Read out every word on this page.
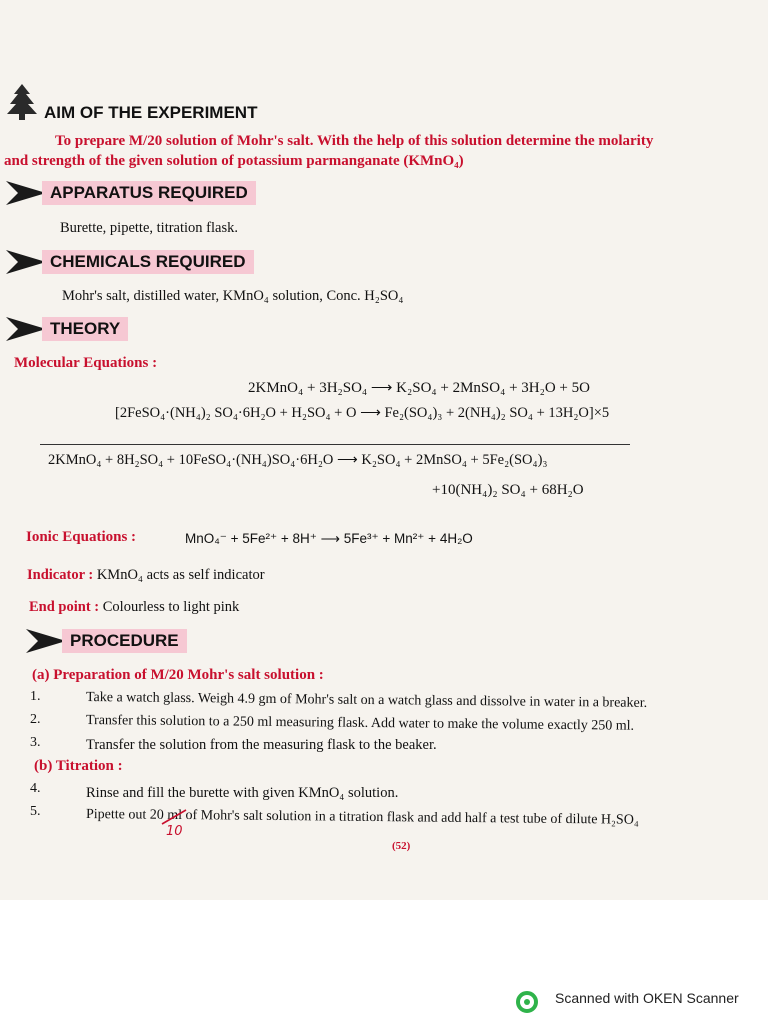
AIM OF THE EXPERIMENT
To prepare M/20 solution of Mohr's salt. With the help of this solution determine the molarity
and strength of the given solution of potassium parmanganate (KMnO₄)
APPARATUS REQUIRED
Burette, pipette, titration flask.
CHEMICALS REQUIRED
Mohr's salt, distilled water, KMnO₄ solution, Conc. H₂SO₄
THEORY
Molecular Equations :
2KMnO₄ + 3H₂SO₄ ⟶ K₂SO₄ + 2MnSO₄ + 3H₂O + 5O
[2FeSO₄·(NH₄)₂ SO₄·6H₂O + H₂SO₄ + O ⟶ Fe₂(SO₄)₃ + 2(NH₄)₂ SO₄ + 13H₂O]×5
2KMnO₄ + 8H₂SO₄ + 10FeSO₄·(NH₄)SO₄·6H₂O ⟶ K₂SO₄ + 2MnSO₄ + 5Fe₂(SO₄)₃
+10(NH₄)₂ SO₄ + 68H₂O
Ionic Equations :	MnO₄⁻ + 5Fe²⁺ + 8H⁺ ⟶ 5Fe³⁺ + Mn²⁺ + 4H₂O
Indicator : KMnO₄ acts as self indicator
End point : Colourless to light pink
PROCEDURE
(a) Preparation of M/20 Mohr's salt solution :
1.	Take a watch glass. Weigh 4.9 gm of Mohr's salt on a watch glass and dissolve in water in a breaker.
2.	Transfer this solution to a 250 ml measuring flask. Add water to make the volume exactly 250 ml.
3.	Transfer the solution from the measuring flask to the beaker.
(b) Titration :
4.	Rinse and fill the burette with given KMnO₄ solution.
5.	Pipette out 20 ml of Mohr's salt solution in a titration flask and add half a test tube of dilute H₂SO₄
10
(52)
Scanned with OKEN Scanner
